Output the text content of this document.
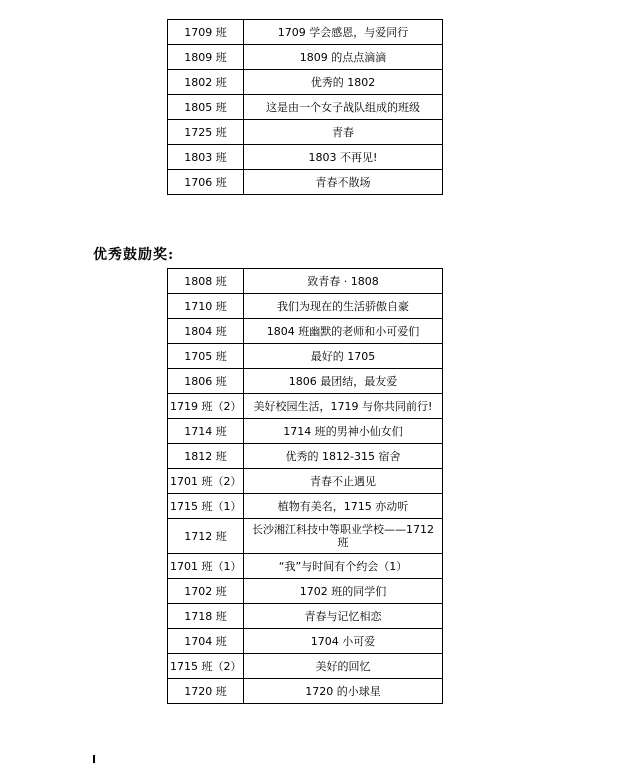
1709 班	1709 学会感恩，与爱同行
1809 班	1809 的点点滴滴
1802 班	优秀的 1802
1805 班	这是由一个女子战队组成的班级
1725 班	青春
1803 班	1803 不再见!
1706 班	青春不散场
优秀鼓励奖:
1808 班	致青春 · 1808
1710 班	我们为现在的生活骄傲自豪
1804 班	1804 班幽默的老师和小可爱们
1705 班	最好的 1705
1806 班	1806 最团结，最友爱
1719 班（2）	美好校园生活，1719 与你共同前行!
1714 班	1714 班的男神小仙女们
1812 班	优秀的 1812-315 宿舍
1701 班（2）	青春不止遇见
1715 班（1）	植物有美名，1715 亦动听
1712 班	长沙湘江科技中等职业学校——1712 班
1701 班（1）	“我”与时间有个约会（1）
1702 班	1702 班的同学们
1718 班	青春与记忆相恋
1704 班	1704 小可爱
1715 班（2）	美好的回忆
1720 班	1720 的小球星
